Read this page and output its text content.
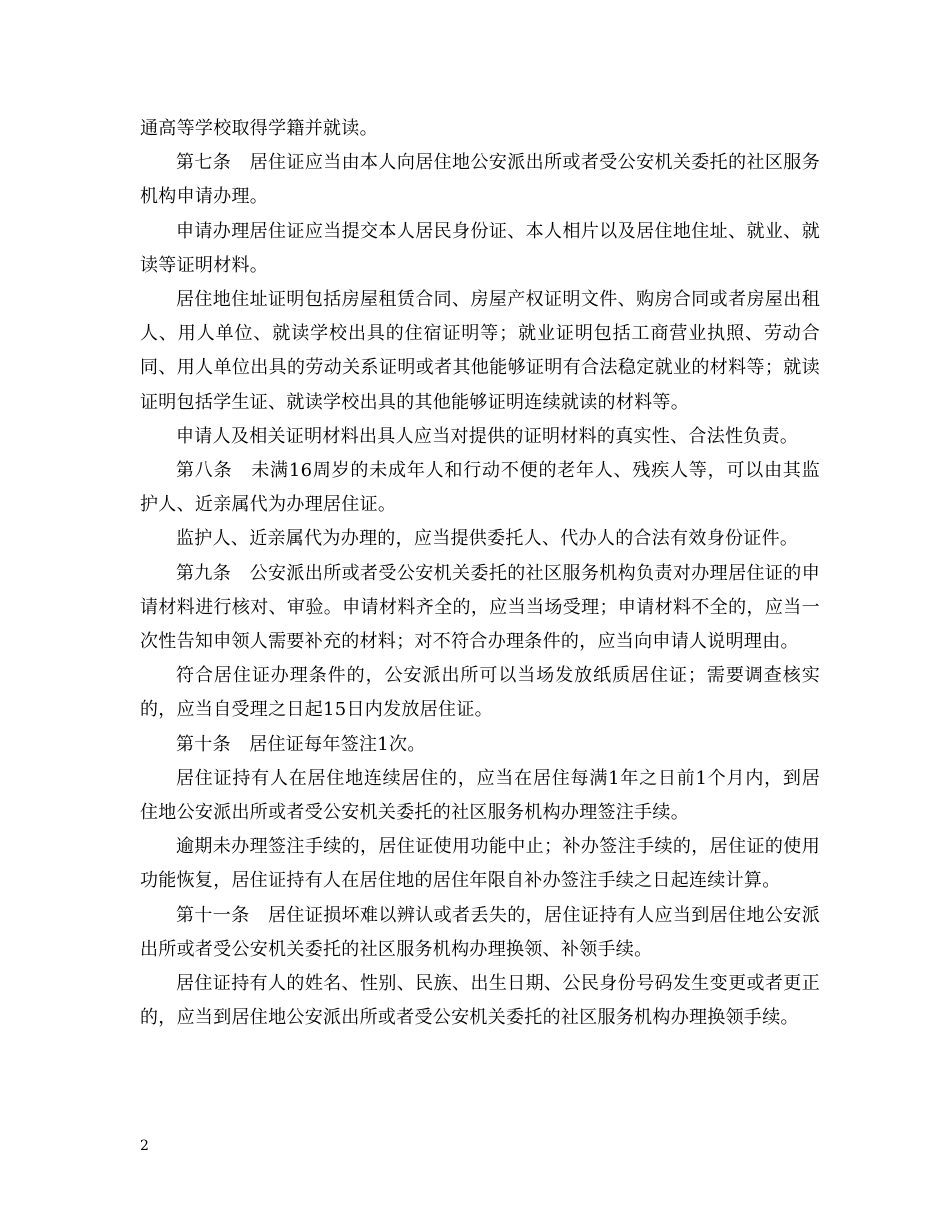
通高等学校取得学籍并就读。

第七条　居住证应当由本人向居住地公安派出所或者受公安机关委托的社区服务机构申请办理。

申请办理居住证应当提交本人居民身份证、本人相片以及居住地住址、就业、就读等证明材料。

居住地住址证明包括房屋租赁合同、房屋产权证明文件、购房合同或者房屋出租人、用人单位、就读学校出具的住宿证明等；就业证明包括工商营业执照、劳动合同、用人单位出具的劳动关系证明或者其他能够证明有合法稳定就业的材料等；就读证明包括学生证、就读学校出具的其他能够证明连续就读的材料等。

申请人及相关证明材料出具人应当对提供的证明材料的真实性、合法性负责。

第八条　未满16周岁的未成年人和行动不便的老年人、残疾人等，可以由其监护人、近亲属代为办理居住证。

监护人、近亲属代为办理的，应当提供委托人、代办人的合法有效身份证件。

第九条　公安派出所或者受公安机关委托的社区服务机构负责对办理居住证的申请材料进行核对、审验。申请材料齐全的，应当当场受理；申请材料不全的，应当一次性告知申领人需要补充的材料；对不符合办理条件的，应当向申请人说明理由。

符合居住证办理条件的，公安派出所可以当场发放纸质居住证；需要调查核实的，应当自受理之日起15日内发放居住证。

第十条　居住证每年签注1次。

居住证持有人在居住地连续居住的，应当在居住每满1年之日前1个月内，到居住地公安派出所或者受公安机关委托的社区服务机构办理签注手续。

逾期未办理签注手续的，居住证使用功能中止；补办签注手续的，居住证的使用功能恢复，居住证持有人在居住地的居住年限自补办签注手续之日起连续计算。

第十一条　居住证损坏难以辨认或者丢失的，居住证持有人应当到居住地公安派出所或者受公安机关委托的社区服务机构办理换领、补领手续。

居住证持有人的姓名、性别、民族、出生日期、公民身份号码发生变更或者更正的，应当到居住地公安派出所或者受公安机关委托的社区服务机构办理换领手续。

2
